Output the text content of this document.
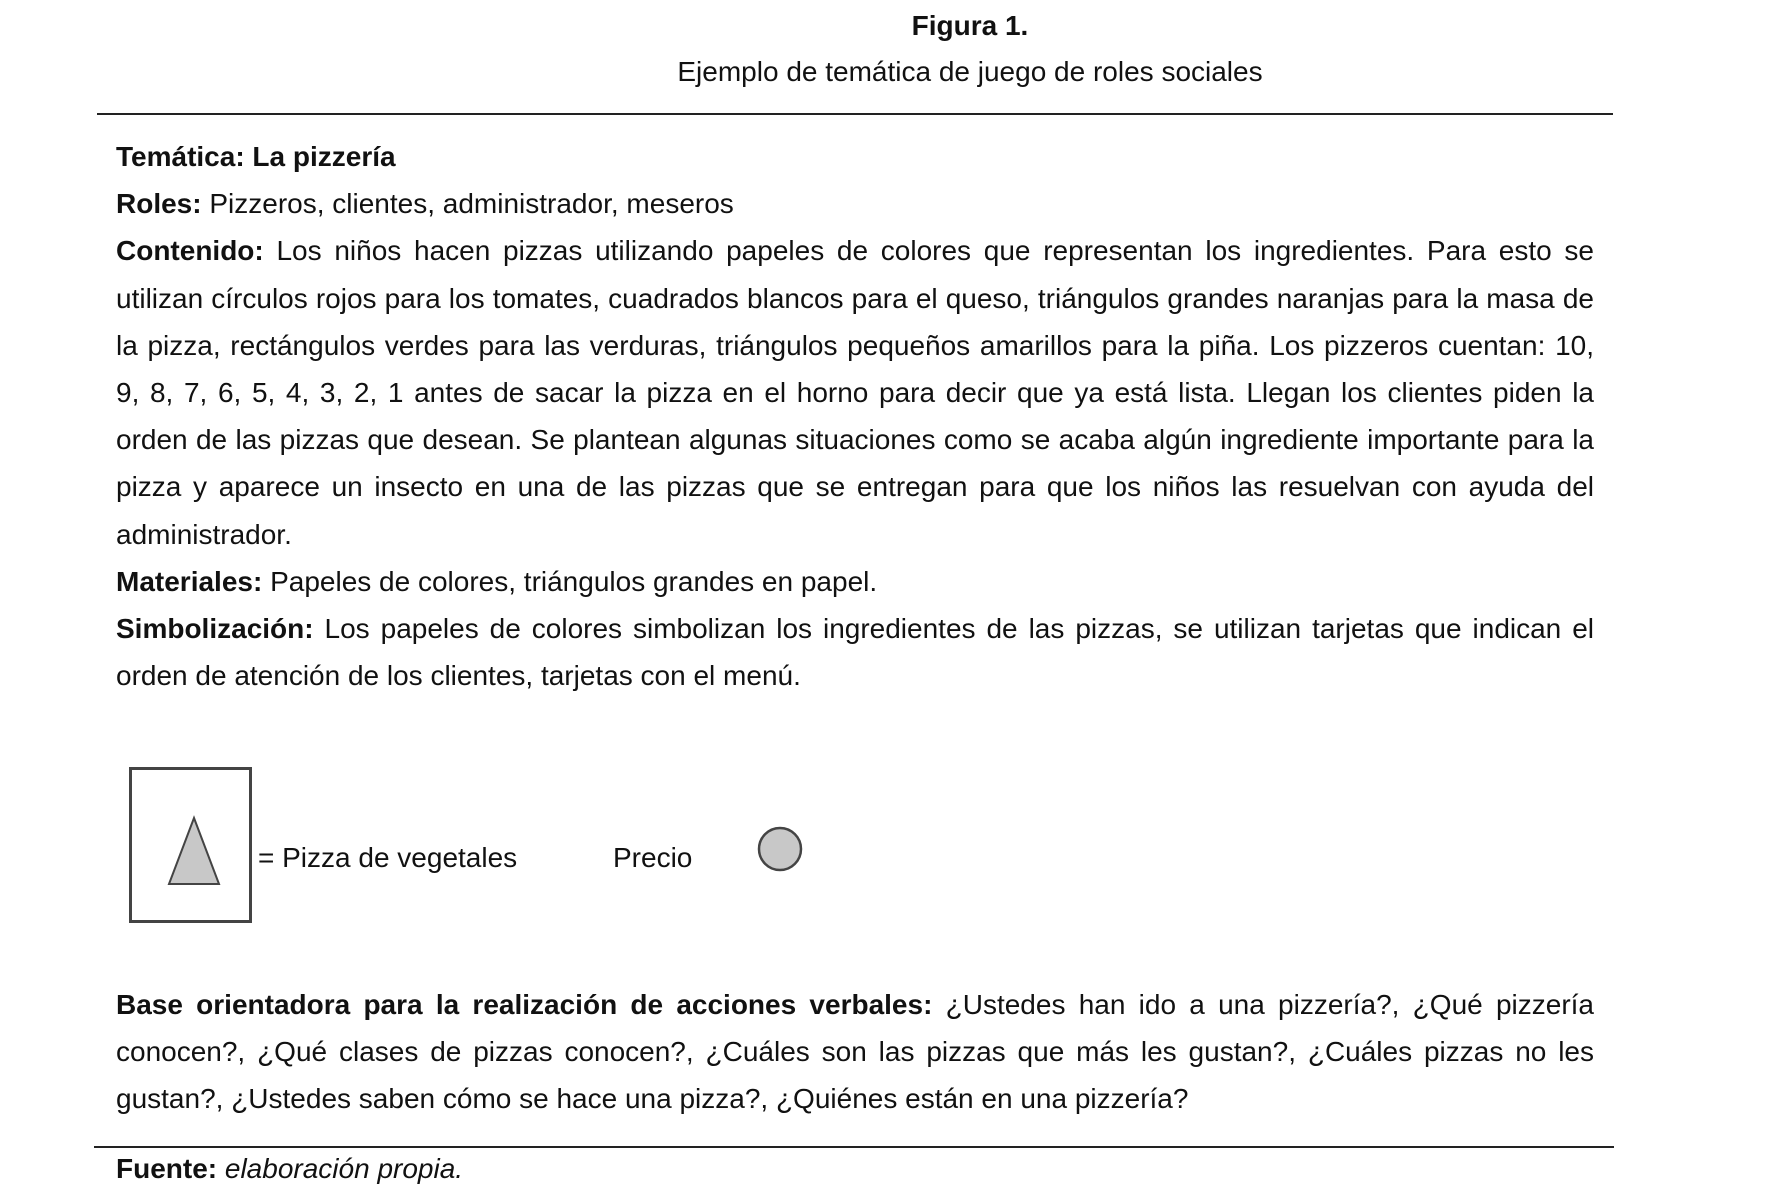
Figura 1.
Ejemplo de temática de juego de roles sociales

Temática: La pizzería

Roles: Pizzeros, clientes, administrador, meseros

Contenido: Los niños hacen pizzas utilizando papeles de colores que representan los ingredientes. Para esto se utilizan círculos rojos para los tomates, cuadrados blancos para el queso, triángulos grandes naranjas para la masa de la pizza, rectángulos verdes para las verduras, triángulos pequeños amarillos para la piña. Los pizzeros cuentan: 10, 9, 8, 7, 6, 5, 4, 3, 2, 1 antes de sacar la pizza en el horno para decir que ya está lista. Llegan los clientes piden la orden de las pizzas que desean. Se plantean algunas situaciones como se acaba algún ingrediente importante para la pizza y aparece un insecto en una de las pizzas que se entregan para que los niños las resuelvan con ayuda del administrador.

Materiales: Papeles de colores, triángulos grandes en papel.

Simbolización: Los papeles de colores simbolizan los ingredientes de las pizzas, se utilizan tarjetas que indican el orden de atención de los clientes, tarjetas con el menú.

= Pizza de vegetales	Precio

Base orientadora para la realización de acciones verbales: ¿Ustedes han ido a una pizzería?, ¿Qué pizzería conocen?, ¿Qué clases de pizzas conocen?, ¿Cuáles son las pizzas que más les gustan?, ¿Cuáles pizzas no les gustan?, ¿Ustedes saben cómo se hace una pizza?, ¿Quiénes están en una pizzería?

Fuente: elaboración propia.
